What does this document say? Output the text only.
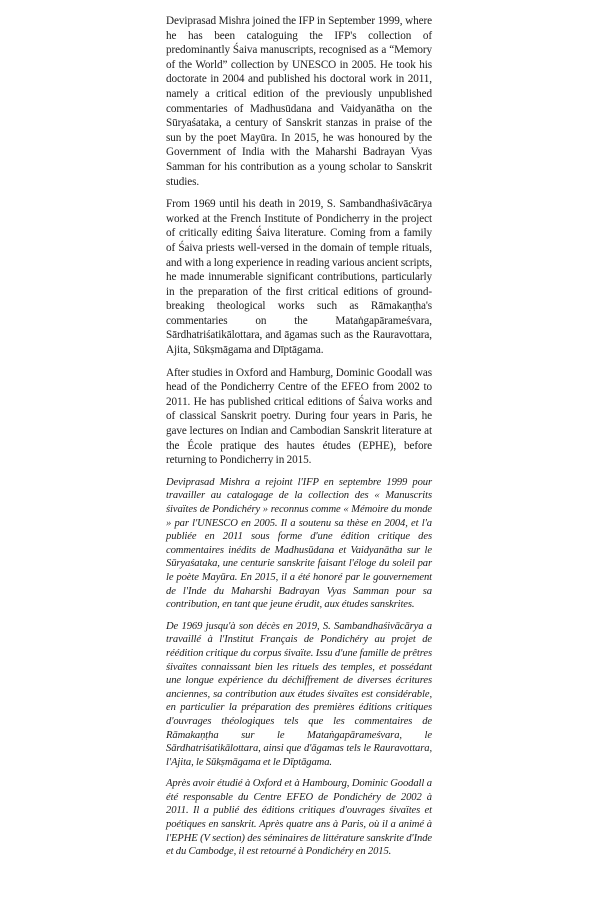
Deviprasad Mishra joined the IFP in September 1999, where he has been cataloguing the IFP's collection of predominantly Śaiva manuscripts, recognised as a “Memory of the World” collection by UNESCO in 2005. He took his doctorate in 2004 and published his doctoral work in 2011, namely a critical edition of the previously unpublished commentaries of Madhusūdana and Vaidyanātha on the Sūryaśataka, a century of Sanskrit stanzas in praise of the sun by the poet Mayūra. In 2015, he was honoured by the Government of India with the Maharshi Badrayan Vyas Samman for his contribution as a young scholar to Sanskrit studies.

From 1969 until his death in 2019, S. Sambandhaśivācārya worked at the French Institute of Pondicherry in the project of critically editing Śaiva literature. Coming from a family of Śaiva priests well-versed in the domain of temple rituals, and with a long experience in reading various ancient scripts, he made innumerable significant contributions, particularly in the preparation of the first critical editions of ground-breaking theological works such as Rāmakaṇṭha's commentaries on the Mataṅgapārameśvara, Sārdhatriśatikālottara, and āgamas such as the Rauravottara, Ajita, Sūkṣmāgama and Dīptāgama.

After studies in Oxford and Hamburg, Dominic Goodall was head of the Pondicherry Centre of the EFEO from 2002 to 2011. He has published critical editions of Śaiva works and of classical Sanskrit poetry. During four years in Paris, he gave lectures on Indian and Cambodian Sanskrit literature at the École pratique des hautes études (EPHE), before returning to Pondicherry in 2015.

Deviprasad Mishra a rejoint l'IFP en septembre 1999 pour travailler au catalogage de la collection des « Manuscrits śivaïtes de Pondichéry » reconnus comme « Mémoire du monde » par l'UNESCO en 2005. Il a soutenu sa thèse en 2004, et l'a publiée en 2011 sous forme d'une édition critique des commentaires inédits de Madhusūdana et Vaidyanātha sur le Sūryaśataka, une centurie sanskrite faisant l'éloge du soleil par le poète Mayūra. En 2015, il a été honoré par le gouvernement de l'Inde du Maharshi Badrayan Vyas Samman pour sa contribution, en tant que jeune érudit, aux études sanskrites.

De 1969 jusqu'à son décès en 2019, S. Sambandhaśivācārya a travaillé à l'Institut Français de Pondichéry au projet de réédition critique du corpus śivaïte. Issu d'une famille de prêtres śivaïtes connaissant bien les rituels des temples, et possédant une longue expérience du déchiffrement de diverses écritures anciennes, sa contribution aux études śivaïtes est considérable, en particulier la préparation des premières éditions critiques d'ouvrages théologiques tels que les commentaires de Rāmakaṇṭha sur le Mataṅgapārameśvara, le Sārdhatriśatikālottara, ainsi que d'āgamas tels le Rauravottara, l'Ajita, le Sūkṣmāgama et le Dīptāgama.

Après avoir étudié à Oxford et à Hambourg, Dominic Goodall a été responsable du Centre EFEO de Pondichéry de 2002 à 2011. Il a publié des éditions critiques d'ouvrages śivaïtes et poétiques en sanskrit. Après quatre ans à Paris, où il a animé à l'EPHE (V section) des séminaires de littérature sanskrite d'Inde et du Cambodge, il est retourné à Pondichéry en 2015.
